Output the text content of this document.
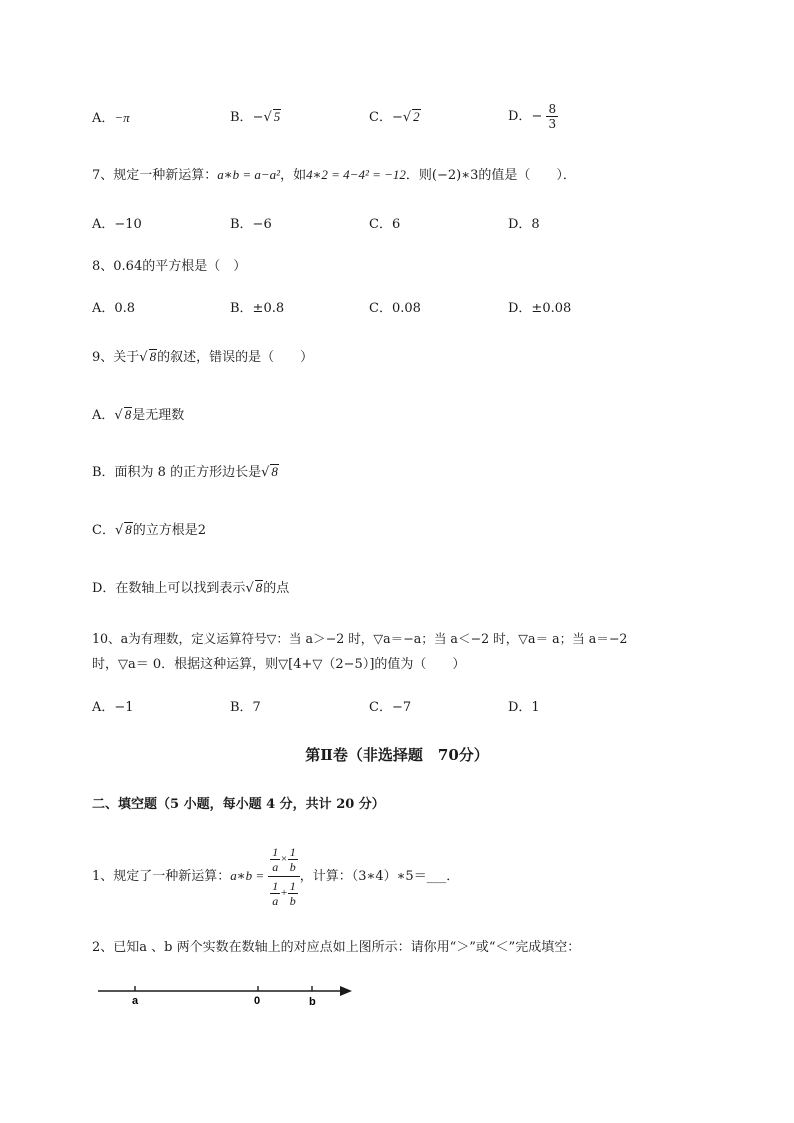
A．−π	B．−√ 5	C．−√ 2	D．− $\frac{8}{3}$
7、规定一种新运算：a∗b = a−a²，如4∗2 = 4−4² = −12．则(−2)∗3的值是（　　）．
A．−10	B．−6	C．6	D．8
8、0.64的平方根是（　）
A．0.8	B．±0.8	C．0.08	D．±0.08
9、关于√ 8的叙述，错误的是（　　）
A．√ 8是无理数
B．面积为 8 的正方形边长是√ 8
C．√ 8的立方根是2
D．在数轴上可以找到表示√ 8的点
10、a为有理数，定义运算符号▽：当 a＞−2 时，▽a＝−a；当 a＜−2 时，▽a＝ a；当 a＝−2
时，▽a＝ 0．根据这种运算，则▽[4+▽（2−5）]的值为（　　）
A．−1	B．7	C．−7	D．1
第Ⅱ卷（非选择题　70分）
二、填空题（5 小题，每小题 4 分，共计 20 分）
1、规定了一种新运算：a∗b = $\frac{\frac{1}{a} \times \frac{1}{b}}{\frac{1}{a} + \frac{1}{b}}$ ，计算：（3∗4）∗5＝___．
2、已知a 、b 两个实数在数轴上的对应点如上图所示：请你用“＞”或“＜”完成填空：
a	0	b
